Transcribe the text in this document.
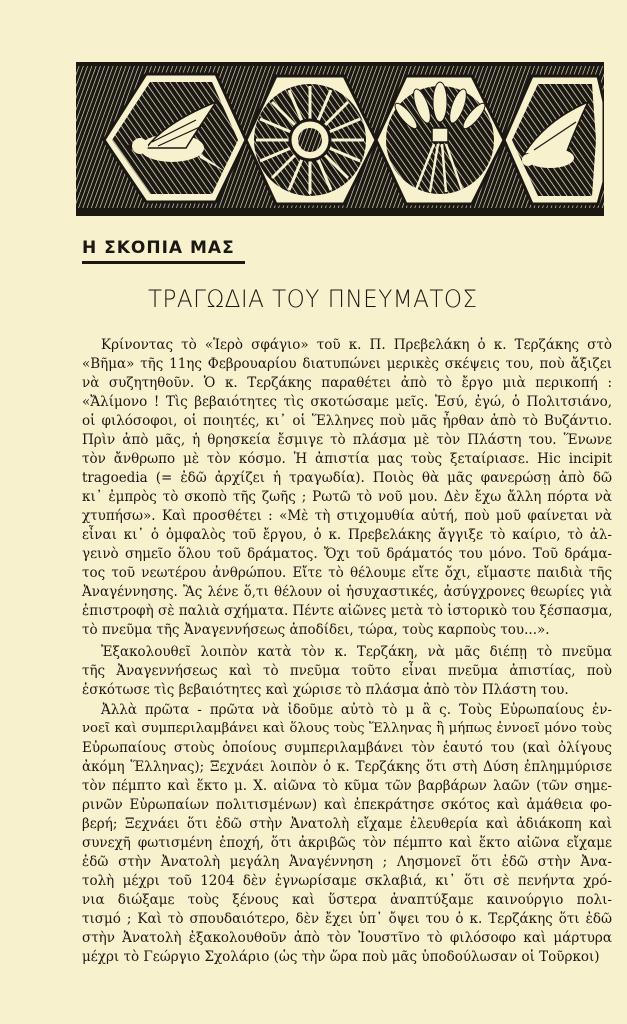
Η ΣΚΟΠΙΑ ΜΑΣ
ΤΡΑΓΩΔΙΑ ΤΟΥ ΠΝΕΥΜΑΤΟΣ
Κρίνοντας τὸ «Ἱερὸ σφάγιο» τοῦ κ. Π. Πρεβελάκη ὁ κ. Τερζάκης στὸ
«Βῆμα» τῆς 11ης Φεβρουαρίου διατυπώνει μερικὲς σκέψεις του, ποὺ ἄξιζει
νὰ συζητηθοῦν. Ὁ κ. Τερζάκης παραθέτει ἀπὸ τὸ ἔργο μιὰ περικοπή :
«Ἄλίμονο ! Τὶς βεβαιότητες τὶς σκοτώσαμε μεῖς. Ἐσύ, ἐγώ, ὁ Πολιτσιάνο,
οἱ φιλόσοφοι, οἱ ποιητές, κι᾿ οἱ Ἕλληνες ποὺ μᾶς ἦρθαν ἀπὸ τὸ Βυζάντιο.
Πρὶν ἀπὸ μᾶς, ἡ θρησκεία ἔσμιγε τὸ πλάσμα μὲ τὸν Πλάστη του. Ἕνωνε
τὸν ἄνθρωπο μὲ τὸν κόσμο. Ἡ ἀπιστία μας τοὺς ξεταίριασε. Hic incipit
tragoedia (= ἐδῶ ἀρχίζει ἡ τραγωδία). Ποιὸς θὰ μᾶς φανερώσῃ ἀπὸ δῶ
κι᾿ ἐμπρὸς τὸ σκοπὸ τῆς ζωῆς ; Ρωτῶ τὸ νοῦ μου. Δὲν ἔχω ἄλλη πόρτα νὰ
χτυπήσω». Καὶ προσθέτει : «Μὲ τὴ στιχομυθία αὐτή, ποὺ μοῦ φαίνεται νὰ
εἶναι κι᾿ ὁ ὀμφαλὸς τοῦ ἔργου, ὁ κ. Πρεβελάκης ἄγγιξε τὸ καίριο, τὸ ἀλ-
γεινὸ σημεῖο ὅλου τοῦ δράματος. Ὄχι τοῦ δράματός του μόνο. Τοῦ δράμα-
τος τοῦ νεωτέρου ἀνθρώπου. Εἴτε τὸ θέλουμε εἴτε ὄχι, εἴμαστε παιδιὰ τῆς
Ἀναγέννησης. Ἂς λένε ὅ,τι θέλουν οἱ ἡσυχαστικές, ἀσύγχρονες θεωρίες γιὰ
ἐπιστροφὴ σὲ παλιὰ σχήματα. Πέντε αἰῶνες μετὰ τὸ ἱστορικὸ του ξέσπασμα,
τὸ πνεῦμα τῆς Ἀναγεννήσεως ἀποδίδει, τώρα, τοὺς καρποὺς του...».
Ἐξακολουθεῖ λοιπὸν κατὰ τὸν κ. Τερζάκη, νὰ μᾶς διέπῃ τὸ πνεῦμα
τῆς Ἀναγεννήσεως καὶ τὸ πνεῦμα τοῦτο εἶναι πνεῦμα ἀπιστίας, ποὺ
ἐσκότωσε τὶς βεβαιότητες καὶ χώρισε τὸ πλάσμα ἀπὸ τὸν Πλάστη του.
Ἀλλὰ πρῶτα - πρῶτα νὰ ἰδοῦμε αὐτὸ τὸ μ ἂ ς. Τοὺς Εὐρωπαίους ἐν-
νοεῖ καὶ συμπεριλαμβάνει καὶ ὅλους τοὺς Ἕλληνας ἢ μήπως ἐννοεῖ μόνο τοὺς
Εὐρωπαίους στοὺς ὁποίους συμπεριλαμβάνει τὸν ἑαυτό του (καὶ ὀλίγους
ἀκόμη Ἕλληνας); Ξεχνάει λοιπὸν ὁ κ. Τερζάκης ὅτι στὴ Δύση ἐπλημμύρισε
τὸν πέμπτο καὶ ἕκτο μ. Χ. αἰῶνα τὸ κῦμα τῶν βαρβάρων λαῶν (τῶν σημε-
ρινῶν Εὐρωπαίων πολιτισμένων) καὶ ἐπεκράτησε σκότος καὶ ἀμάθεια φο-
βερή; Ξεχνάει ὅτι ἐδῶ στὴν Ἀνατολὴ εἴχαμε ἐλευθερία καὶ ἀδιάκοπη καὶ
συνεχῆ φωτισμένη ἐποχή, ὅτι ἀκριβῶς τὸν πέμπτο καὶ ἕκτο αἰῶνα εἴχαμε
ἐδῶ στὴν Ἀνατολὴ μεγάλη Ἀναγέννηση ; Λησμονεῖ ὅτι ἐδῶ στὴν Ἀνα-
τολὴ μέχρι τοῦ 1204 δὲν ἐγνωρίσαμε σκλαβιά, κι᾿ ὅτι σὲ πενήντα χρό-
νια διώξαμε τοὺς ξένους καὶ ὕστερα ἀναπτύξαμε καινούργιο πολι-
τισμό ; Καὶ τὸ σπουδαιότερο, δὲν ἔχει ὑπ᾿ ὄψει του ὁ κ. Τερζάκης ὅτι ἐδῶ
στὴν Ἀνατολὴ ἐξακολουθοῦν ἀπὸ τὸν Ἰουστῖνο τὸ φιλόσοφο καὶ μάρτυρα
μέχρι τὸ Γεώργιο Σχολάριο (ὡς τὴν ὥρα ποὺ μᾶς ὑποδούλωσαν οἱ Τοῦρκοι)
